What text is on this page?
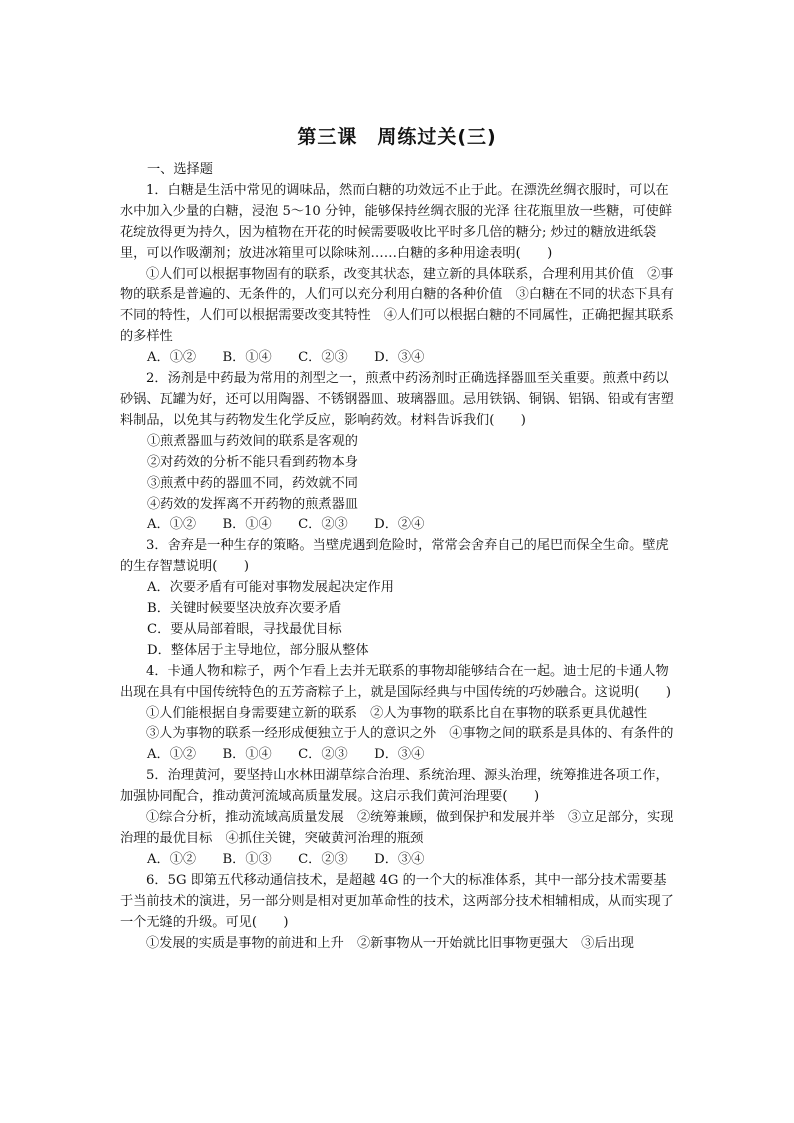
第三课　周练过关(三)

一、选择题

1．白糖是生活中常见的调味品，然而白糖的功效远不止于此。在漂洗丝绸衣服时，可以在水中加入少量的白糖，浸泡 5～10 分钟，能够保持丝绸衣服的光泽 往花瓶里放一些糖，可使鲜花绽放得更为持久，因为植物在开花的时候需要吸收比平时多几倍的糖分; 炒过的糖放进纸袋里，可以作吸潮剂；放进冰箱里可以除味剂……白糖的多种用途表明(　　)

①人们可以根据事物固有的联系，改变其状态，建立新的具体联系，合理利用其价值　②事物的联系是普遍的、无条件的，人们可以充分利用白糖的各种价值　③白糖在不同的状态下具有不同的特性，人们可以根据需要改变其特性　④人们可以根据白糖的不同属性，正确把握其联系的多样性

A．①②　　B．①④　　C．②③　　D．③④

2．汤剂是中药最为常用的剂型之一，煎煮中药汤剂时正确选择器皿至关重要。煎煮中药以砂锅、瓦罐为好，还可以用陶器、不锈钢器皿、玻璃器皿。忌用铁锅、铜锅、铝锅、铅或有害塑料制品，以免其与药物发生化学反应，影响药效。材料告诉我们(　　)

①煎煮器皿与药效间的联系是客观的

②对药效的分析不能只看到药物本身

③煎煮中药的器皿不同，药效就不同

④药效的发挥离不开药物的煎煮器皿

A．①②　　B．①④　　C．②③　　D．②④

3．舍弃是一种生存的策略。当壁虎遇到危险时，常常会舍弃自己的尾巴而保全生命。壁虎的生存智慧说明(　　)

A．次要矛盾有可能对事物发展起决定作用

B．关键时候要坚决放弃次要矛盾

C．要从局部着眼，寻找最优目标

D．整体居于主导地位，部分服从整体

4．卡通人物和粽子，两个乍看上去并无联系的事物却能够结合在一起。迪士尼的卡通人物出现在具有中国传统特色的五芳斋粽子上，就是国际经典与中国传统的巧妙融合。这说明(　　)

①人们能根据自身需要建立新的联系　②人为事物的联系比自在事物的联系更具优越性

③人为事物的联系一经形成便独立于人的意识之外　④事物之间的联系是具体的、有条件的

A．①②　　B．①④　　C．②③　　D．③④

5．治理黄河，要坚持山水林田湖草综合治理、系统治理、源头治理，统筹推进各项工作，加强协同配合，推动黄河流域高质量发展。这启示我们黄河治理要(　　)

①综合分析，推动流域高质量发展　②统筹兼顾，做到保护和发展并举　③立足部分，实现治理的最优目标　④抓住关键，突破黄河治理的瓶颈

A．①②　　B．①③　　C．②③　　D．③④

6．5G 即第五代移动通信技术，是超越 4G 的一个大的标准体系，其中一部分技术需要基于当前技术的演进，另一部分则是相对更加革命性的技术，这两部分技术相辅相成，从而实现了一个无缝的升级。可见(　　)

①发展的实质是事物的前进和上升　②新事物从一开始就比旧事物更强大　③后出现
